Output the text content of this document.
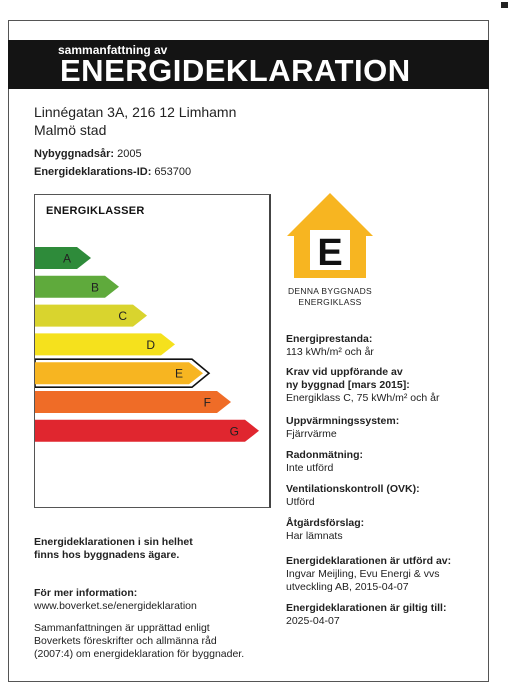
sammanfattning av
ENERGIDEKLARATION
Linnégatan 3A, 216 12 Limhamn
Malmö stad
Nybyggnadsår: 2005
Energideklarations-ID: 653700
ENERGIKLASSER
A
B
C
D
E
F
G
E
DENNA BYGGNADS
ENERGIKLASS
Energiprestanda:
113 kWh/m² och år
Krav vid uppförande av
ny byggnad [mars 2015]:
Energiklass C, 75 kWh/m² och år
Uppvärmningssystem:
Fjärrvärme
Radonmätning:
Inte utförd
Ventilationskontroll (OVK):
Utförd
Åtgärdsförslag:
Har lämnats
Energideklarationen är utförd av:
Ingvar Meijling, Evu Energi & vvs
utveckling AB, 2015-04-07
Energideklarationen är giltig till:
2025-04-07
Energideklarationen i sin helhet
finns hos byggnadens ägare.
För mer information:
www.boverket.se/energideklaration
Sammanfattningen är upprättad enligt
Boverkets föreskrifter och allmänna råd
(2007:4) om energideklaration för byggnader.
